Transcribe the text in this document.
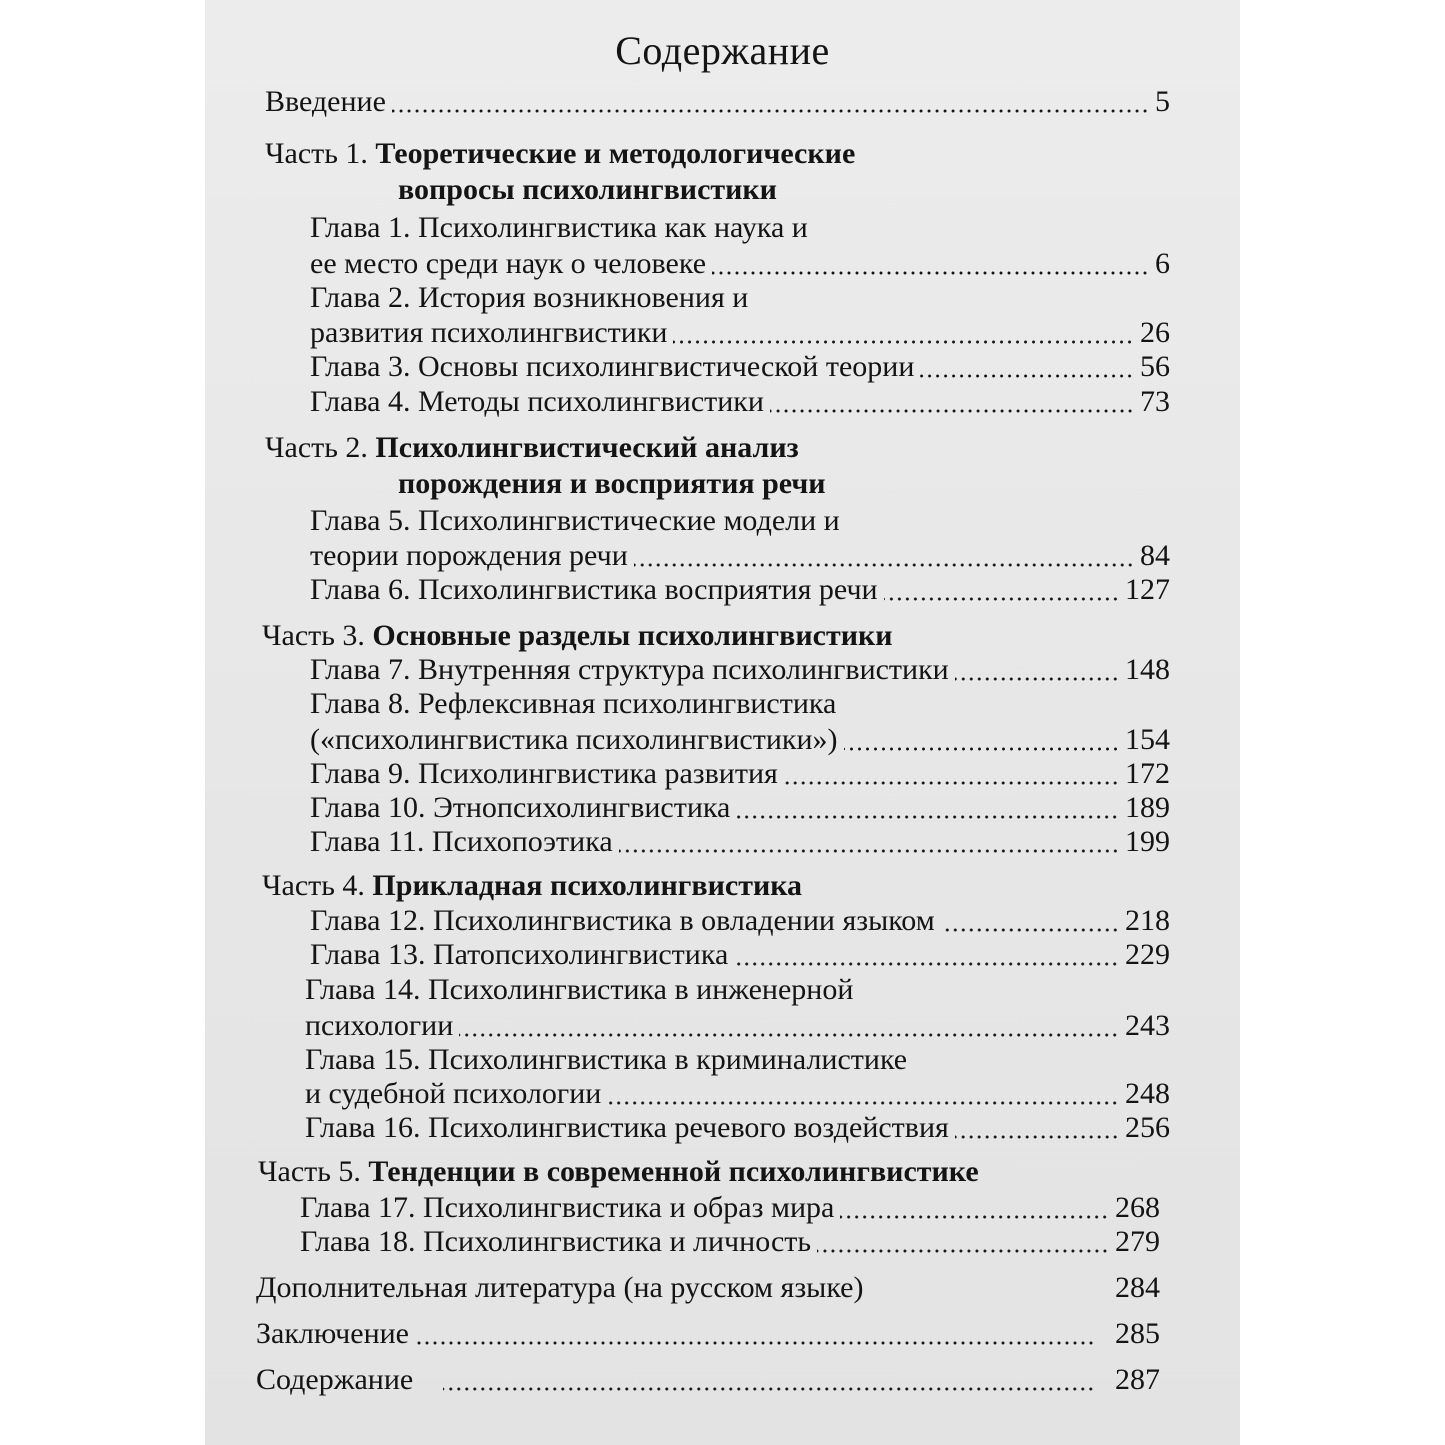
Содержание
Введение	5
Часть 1. Теоретические и методологические
вопросы психолингвистики
Глава 1. Психолингвистика как наука и
ее место среди наук о человеке	6
Глава 2. История возникновения и
развития психолингвистики	26
Глава 3. Основы психолингвистической теории	56
Глава 4. Методы психолингвистики	73
Часть 2. Психолингвистический анализ
порождения и восприятия речи
Глава 5. Психолингвистические модели и
теории порождения речи	84
Глава 6. Психолингвистика восприятия речи	127
Часть 3. Основные разделы психолингвистики
Глава 7. Внутренняя структура психолингвистики	148
Глава 8. Рефлексивная психолингвистика
(«психолингвистика психолингвистики»)	154
Глава 9. Психолингвистика развития	172
Глава 10. Этнопсихолингвистика	189
Глава 11. Психопоэтика	199
Часть 4. Прикладная психолингвистика
Глава 12. Психолингвистика в овладении языком	218
Глава 13. Патопсихолингвистика	229
Глава 14. Психолингвистика в инженерной
психологии	243
Глава 15. Психолингвистика в криминалистике
и судебной психологии	248
Глава 16. Психолингвистика речевого воздействия	256
Часть 5. Тенденции в современной психолингвистике
Глава 17. Психолингвистика и образ мира	268
Глава 18. Психолингвистика и личность	279
Дополнительная литература (на русском языке)	284
Заключение	285
Содержание	287
